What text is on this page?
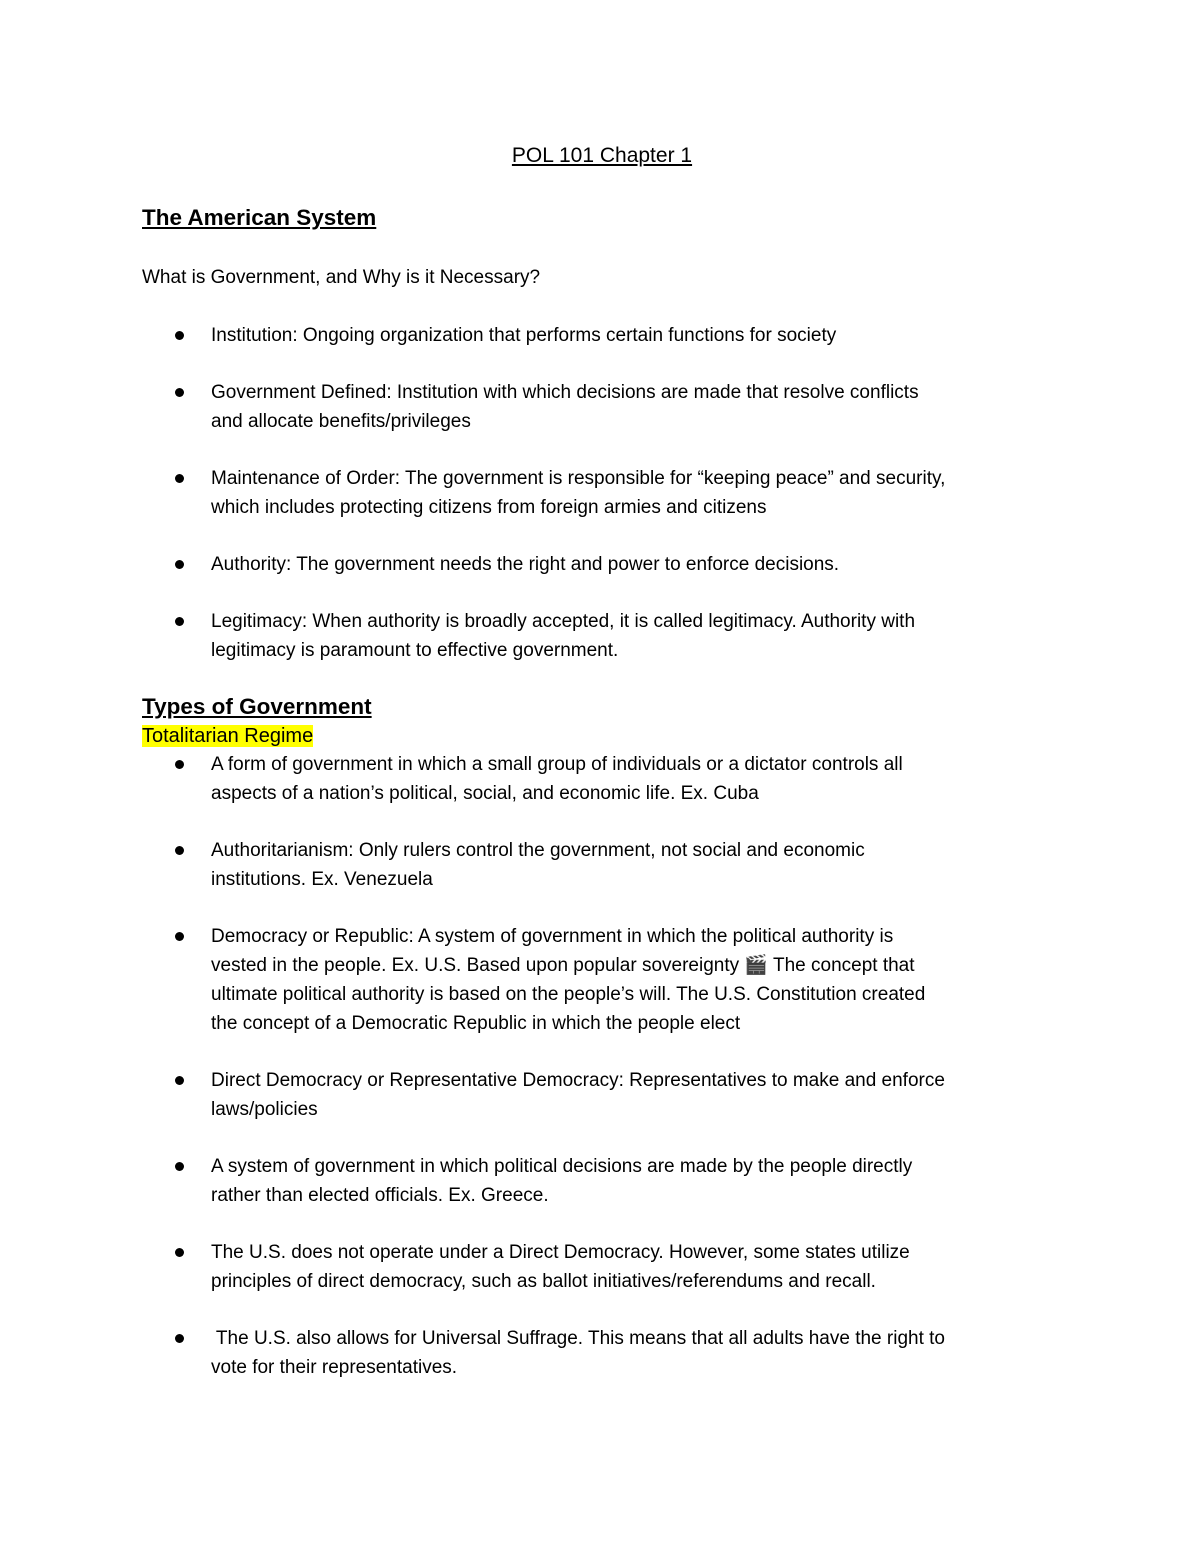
POL 101 Chapter 1
The American System

What is Government, and Why is it Necessary?

Institution: Ongoing organization that performs certain functions for society
Government Defined: Institution with which decisions are made that resolve conflicts
and allocate benefits/privileges
Maintenance of Order: The government is responsible for “keeping peace” and security,
which includes protecting citizens from foreign armies and citizens
Authority: The government needs the right and power to enforce decisions.
Legitimacy: When authority is broadly accepted, it is called legitimacy. Authority with
legitimacy is paramount to effective government.
Types of Government

Totalitarian Regime

A form of government in which a small group of individuals or a dictator controls all
aspects of a nation’s political, social, and economic life. Ex. Cuba
Authoritarianism: Only rulers control the government, not social and economic
institutions. Ex. Venezuela
Democracy or Republic: A system of government in which the political authority is
vested in the people. Ex. U.S. Based upon popular sovereignty 🎬 The concept that
ultimate political authority is based on the people’s will. The U.S. Constitution created
the concept of a Democratic Republic in which the people elect
Direct Democracy or Representative Democracy: Representatives to make and enforce
laws/policies
A system of government in which political decisions are made by the people directly
rather than elected officials. Ex. Greece.
The U.S. does not operate under a Direct Democracy. However, some states utilize
principles of direct democracy, such as ballot initiatives/referendums and recall.
The U.S. also allows for Universal Suffrage. This means that all adults have the right to
vote for their representatives.
